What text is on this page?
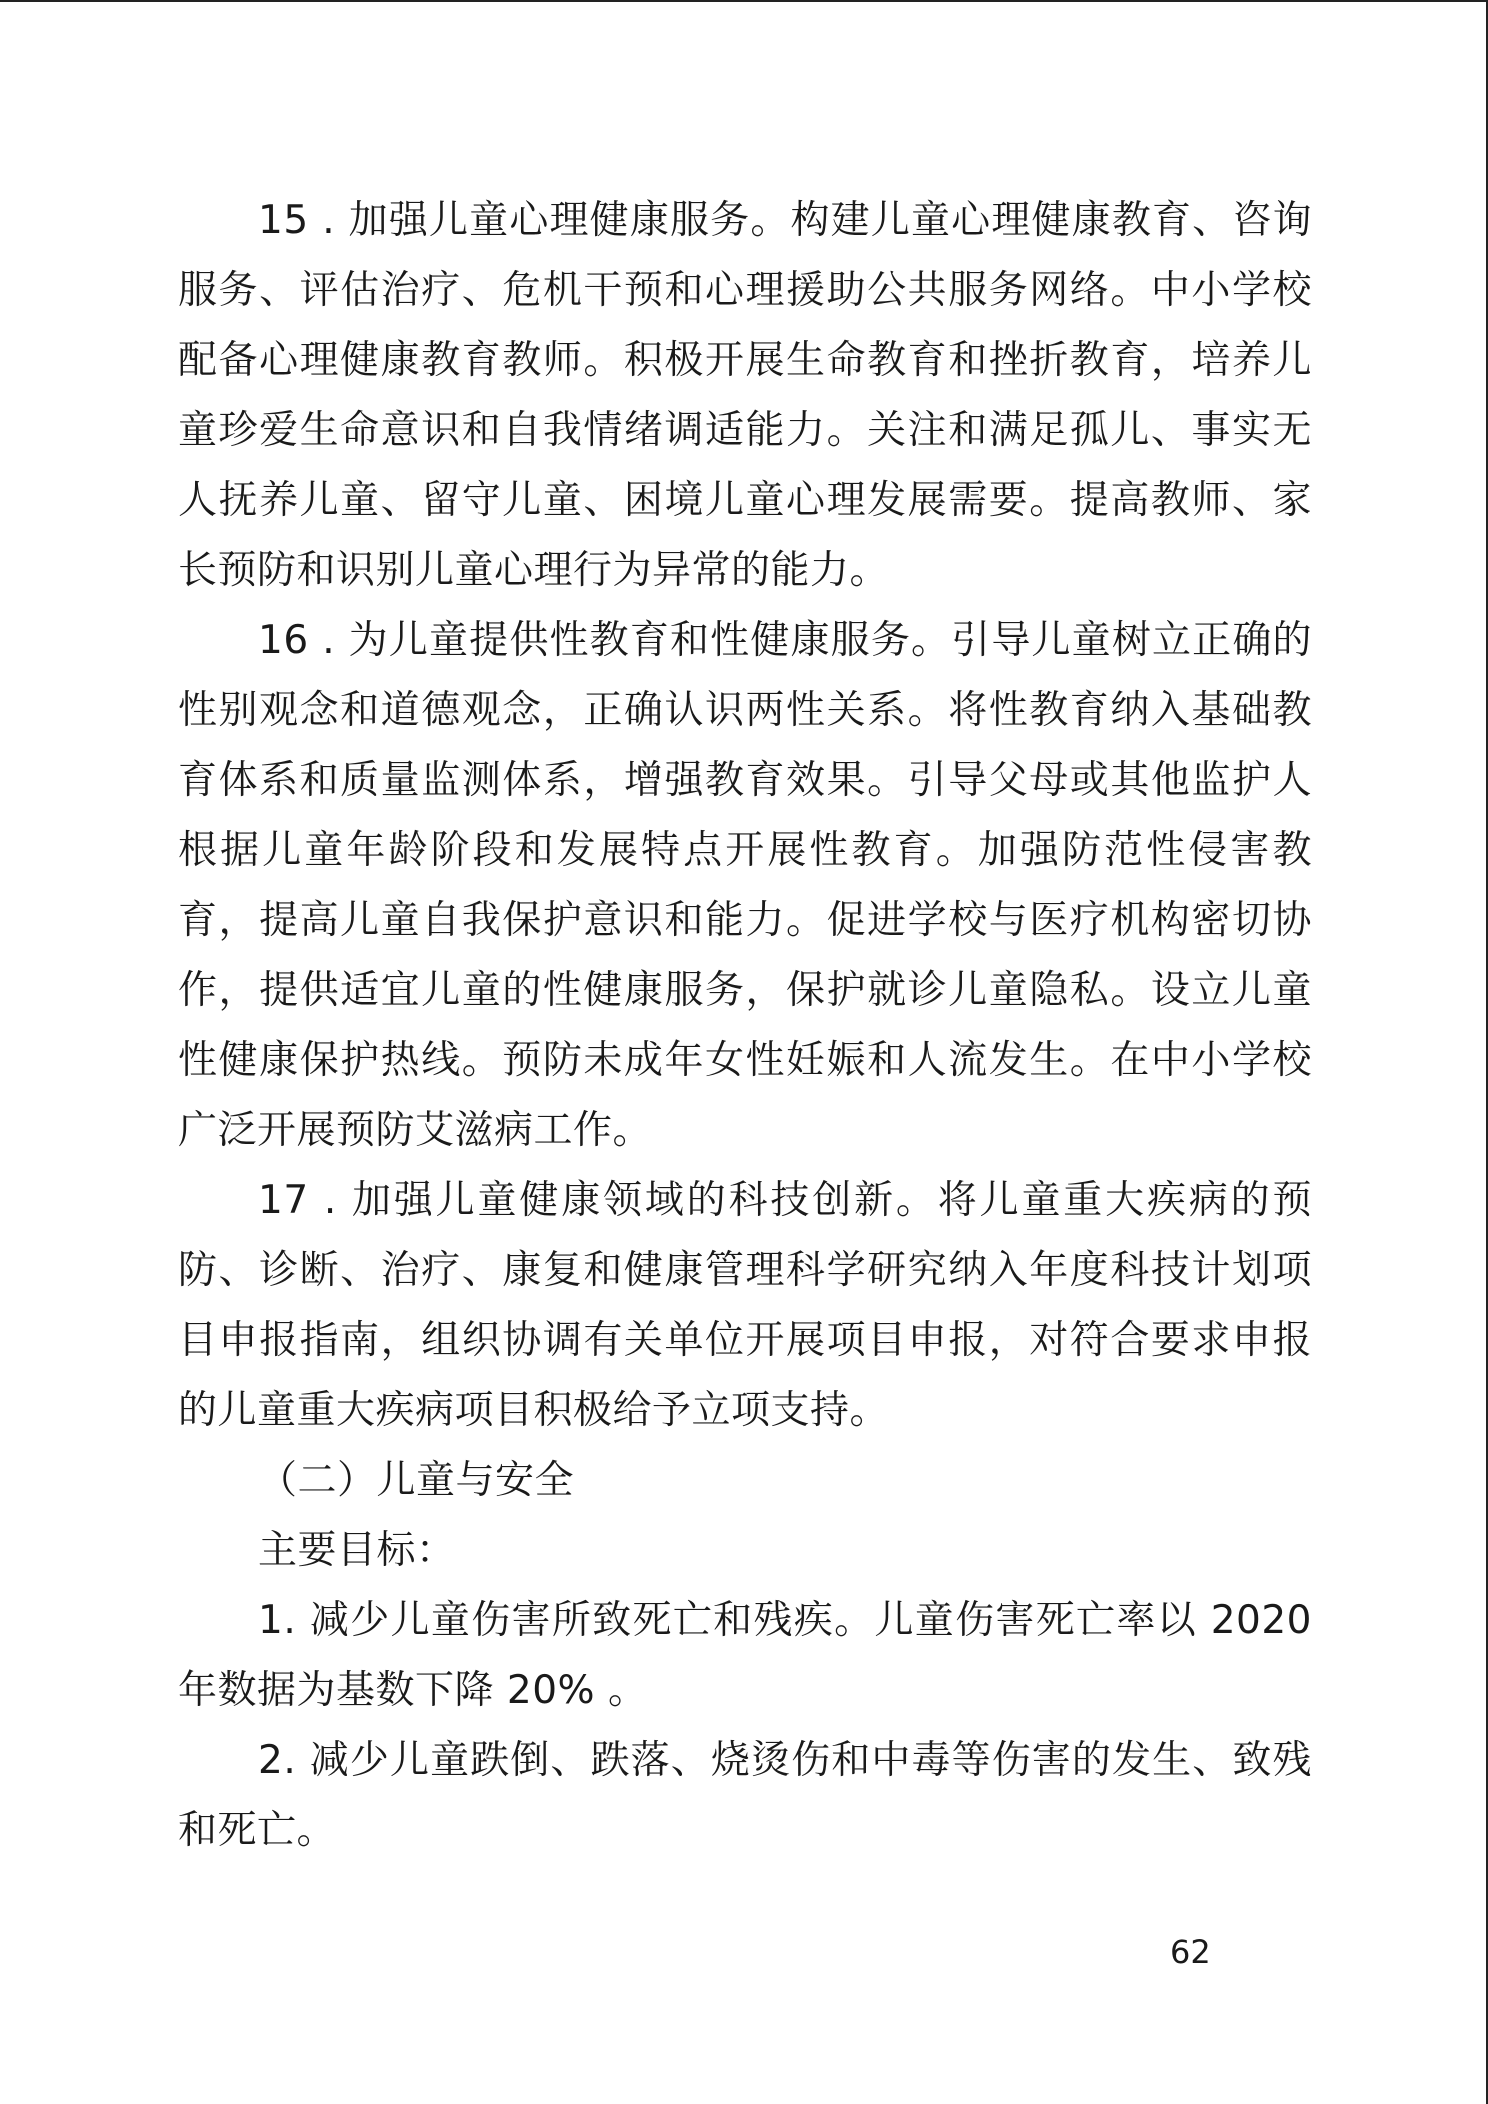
15 . 加强儿童心理健康服务。构建儿童心理健康教育、咨询服务、评估治疗、危机干预和心理援助公共服务网络。中小学校配备心理健康教育教师。积极开展生命教育和挫折教育，培养儿童珍爱生命意识和自我情绪调适能力。关注和满足孤儿、事实无人抚养儿童、留守儿童、困境儿童心理发展需要。提高教师、家长预防和识别儿童心理行为异常的能力。

16 . 为儿童提供性教育和性健康服务。引导儿童树立正确的性别观念和道德观念，正确认识两性关系。将性教育纳入基础教育体系和质量监测体系，增强教育效果。引导父母或其他监护人根据儿童年龄阶段和发展特点开展性教育。加强防范性侵害教育，提高儿童自我保护意识和能力。促进学校与医疗机构密切协作，提供适宜儿童的性健康服务，保护就诊儿童隐私。设立儿童性健康保护热线。预防未成年女性妊娠和人流发生。在中小学校广泛开展预防艾滋病工作。

17 . 加强儿童健康领域的科技创新。将儿童重大疾病的预防、诊断、治疗、康复和健康管理科学研究纳入年度科技计划项目申报指南，组织协调有关单位开展项目申报，对符合要求申报的儿童重大疾病项目积极给予立项支持。

（二）儿童与安全

主要目标：

1. 减少儿童伤害所致死亡和残疾。儿童伤害死亡率以 2020 年数据为基数下降 20% 。

2. 减少儿童跌倒、跌落、烧烫伤和中毒等伤害的发生、致残和死亡。

62
